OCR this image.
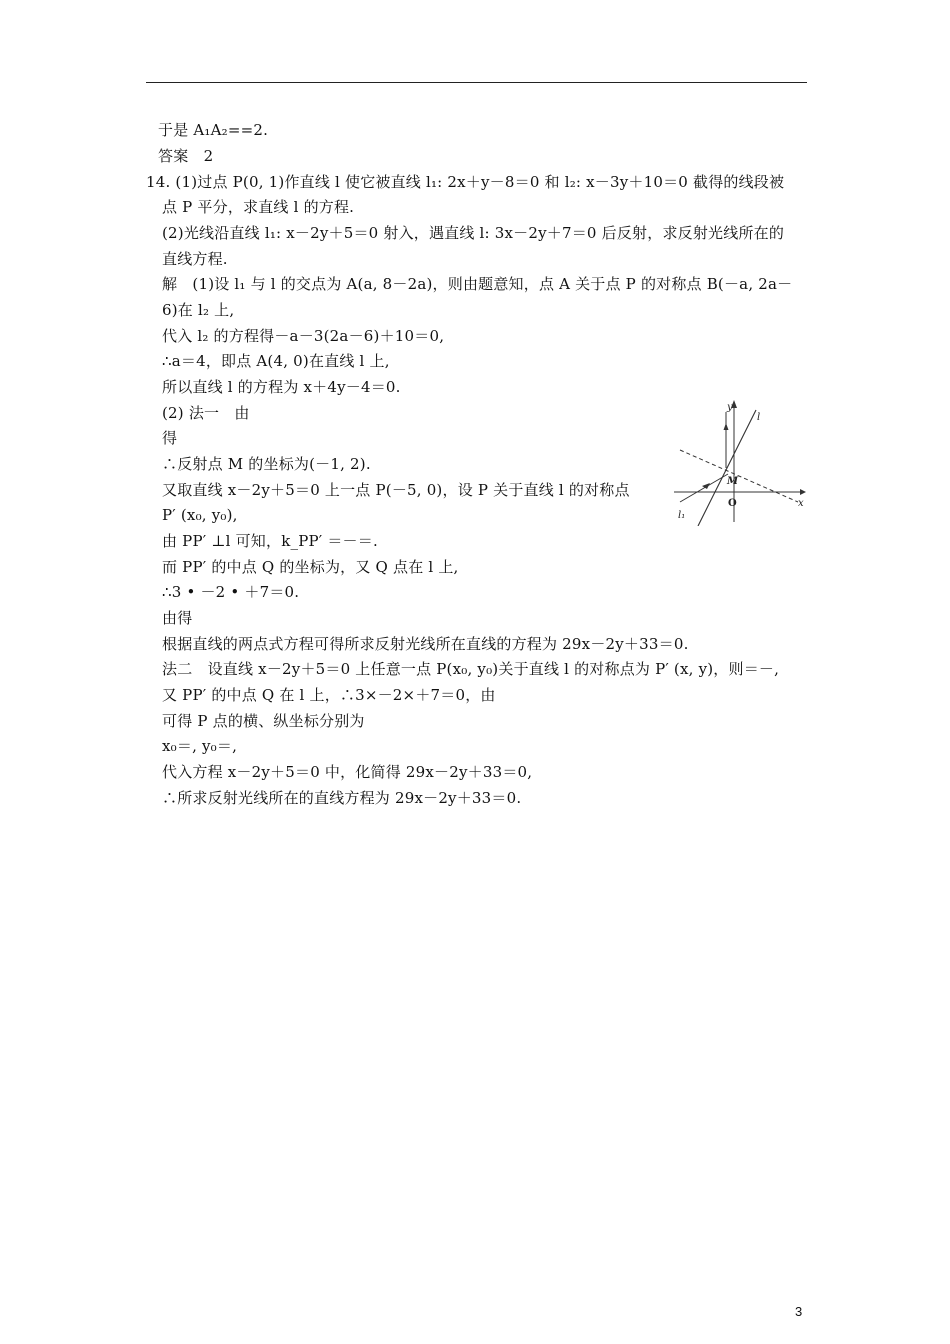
于是 A₁A₂==2.
答案　2
14. (1)过点 P(0, 1)作直线 l 使它被直线 l₁: 2x＋y－8＝0 和 l₂: x－3y＋10＝0 截得的线段被
点 P 平分，求直线 l 的方程.
(2)光线沿直线 l₁: x－2y＋5＝0 射入，遇直线 l: 3x－2y＋7＝0 后反射，求反射光线所在的
直线方程.
解　(1)设 l₁ 与 l 的交点为 A(a, 8－2a)，则由题意知，点 A 关于点 P 的对称点 B(－a, 2a－
6)在 l₂ 上,
代入 l₂ 的方程得－a－3(2a－6)＋10＝0,
∴a＝4，即点 A(4, 0)在直线 l 上,
所以直线 l 的方程为 x＋4y－4＝0.
(2) 法一　由
得
∴反射点 M 的坐标为(－1, 2).
又取直线 x－2y＋5＝0 上一点 P(－5, 0)，设 P 关于直线 l 的对称点
P′ (x₀, y₀),
由 PP′ ⊥l 可知，k_PP′ ＝－＝.
而 PP′ 的中点 Q 的坐标为，又 Q 点在 l 上,
∴3 • －2 • ＋7＝0.
由得
根据直线的两点式方程可得所求反射光线所在直线的方程为 29x－2y＋33＝0.
法二　设直线 x－2y＋5＝0 上任意一点 P(x₀, y₀)关于直线 l 的对称点为 P′ (x, y)，则＝－,
又 PP′ 的中点 Q 在 l 上，∴3×－2×＋7＝0，由
可得 P 点的横、纵坐标分别为
x₀＝, y₀＝,
代入方程 x－2y＋5＝0 中，化简得 29x－2y＋33＝0,
∴所求反射光线所在的直线方程为 29x－2y＋33＝0.
y
x
O
M
l
l₁
3
